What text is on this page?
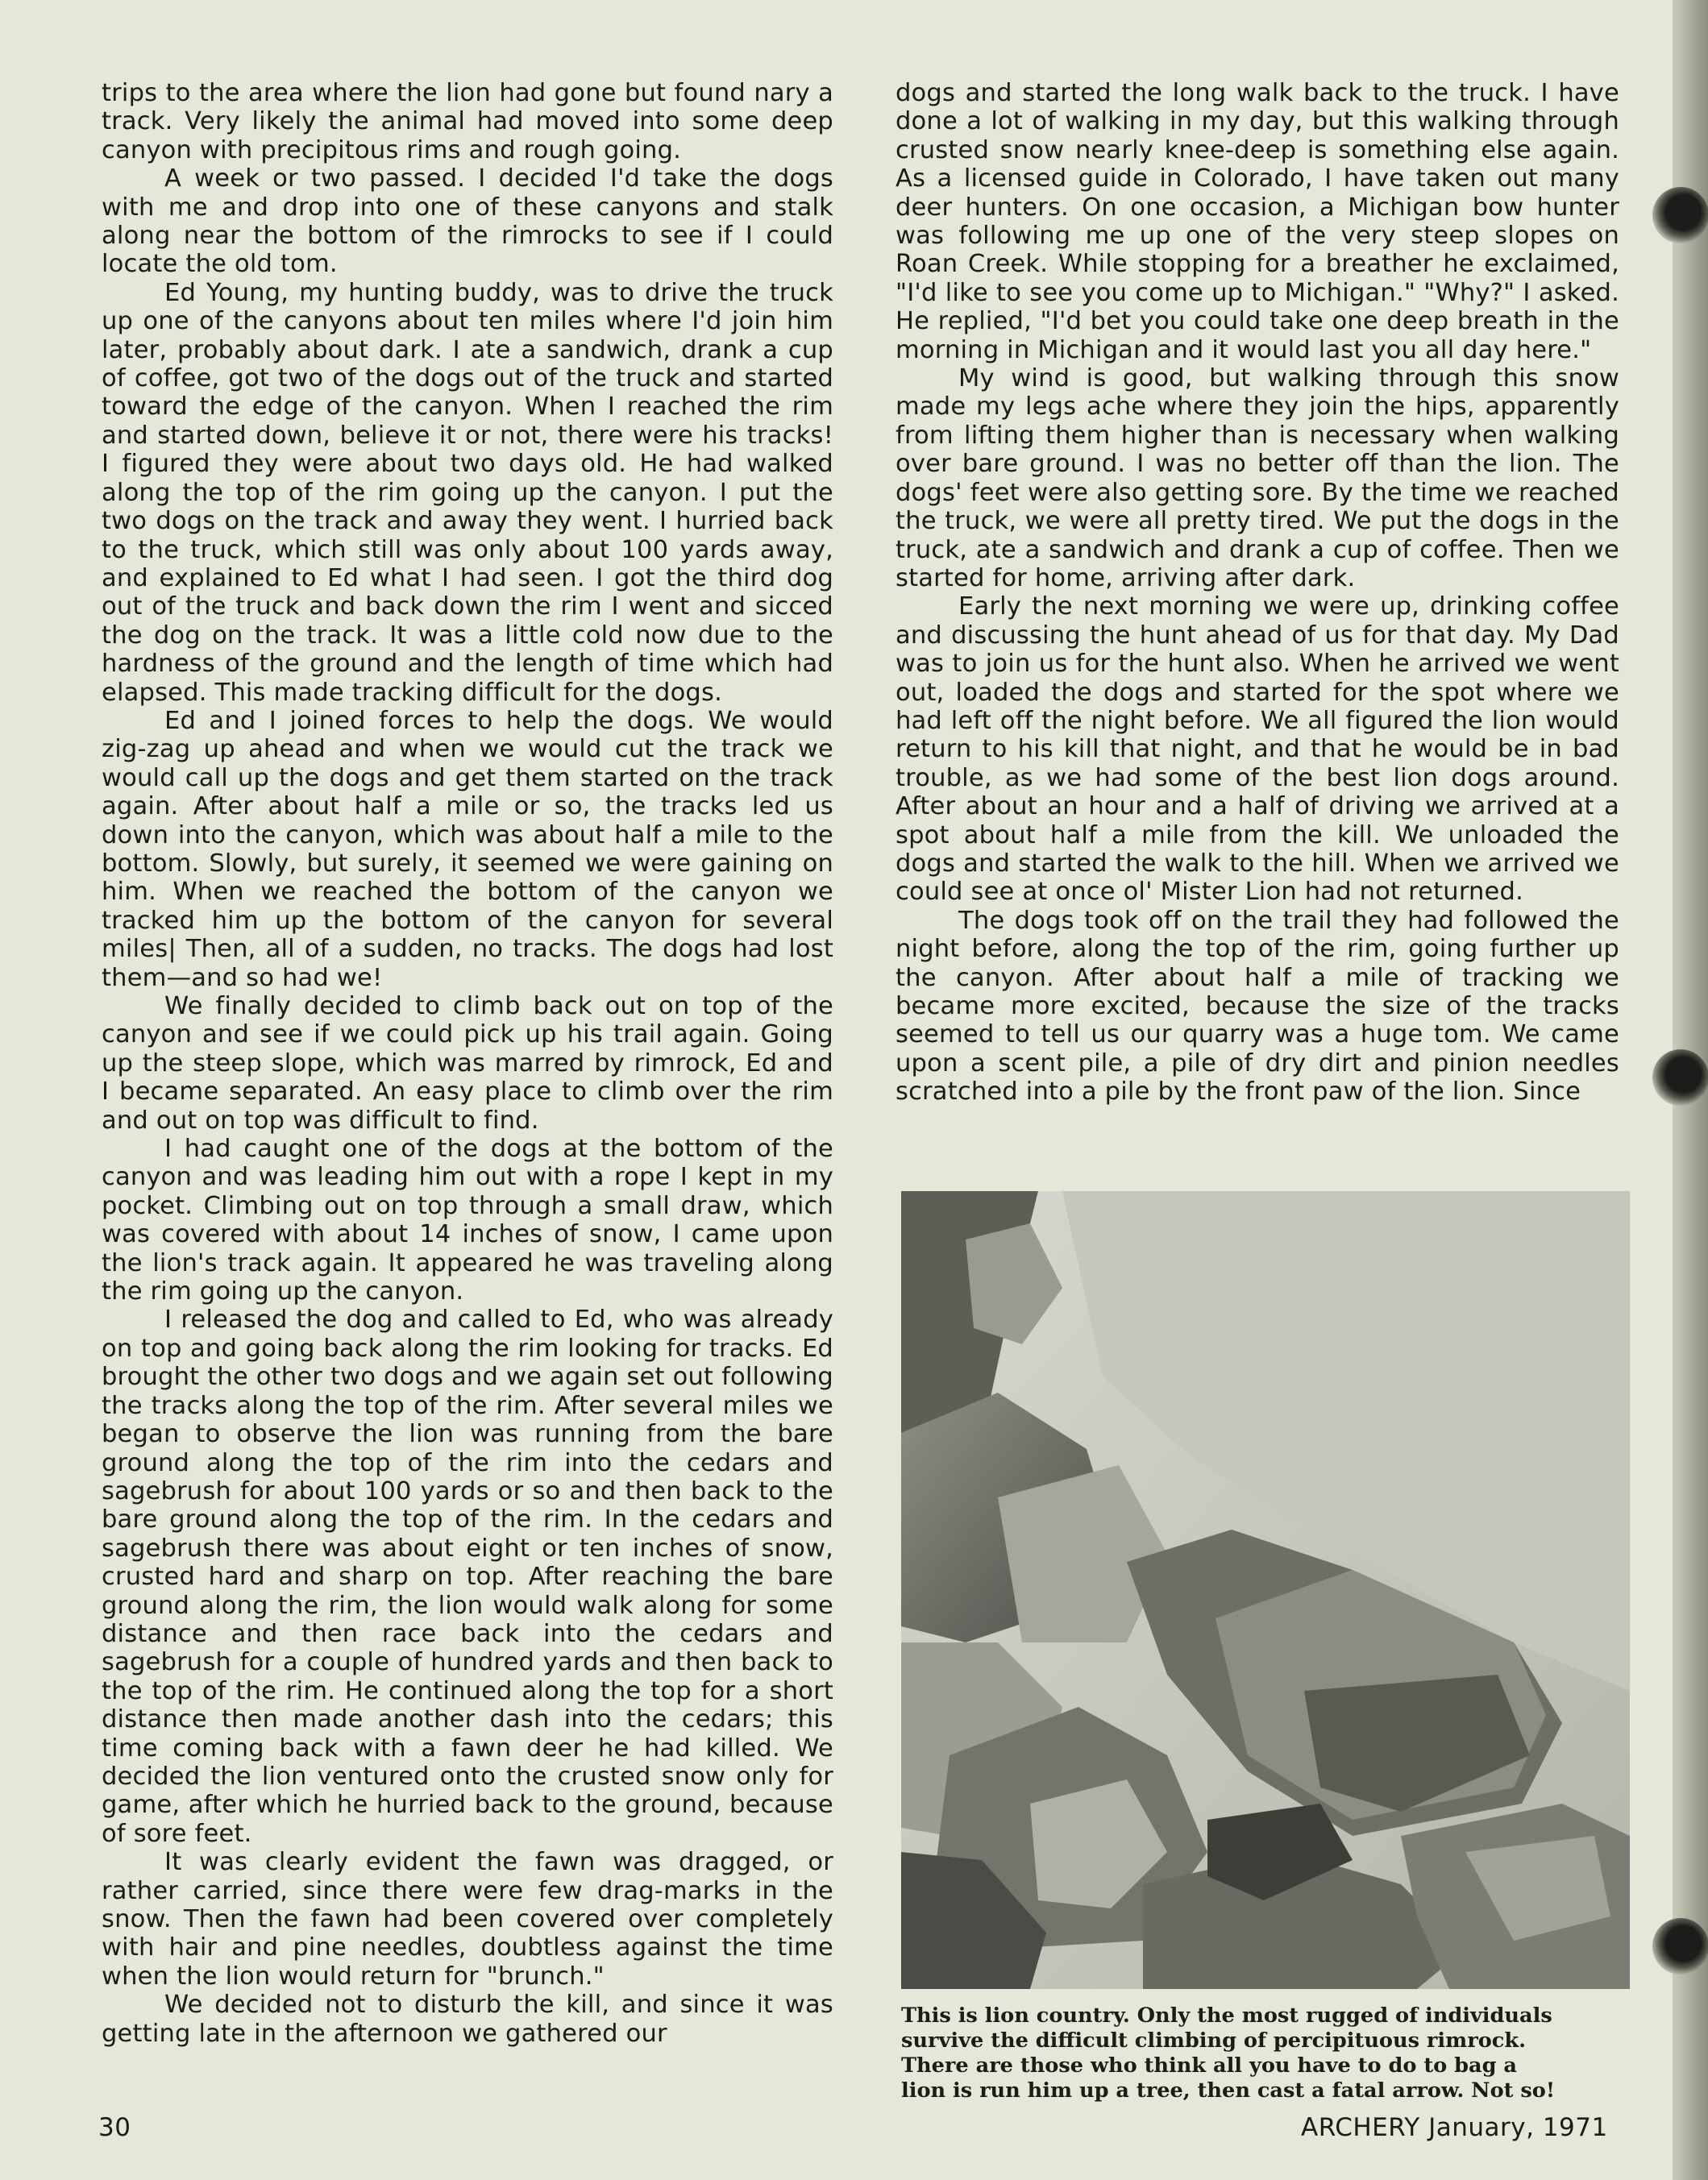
trips to the area where the lion had gone but found nary a track. Very likely the animal had moved into some deep canyon with precipitous rims and rough going.

A week or two passed. I decided I'd take the dogs with me and drop into one of these canyons and stalk along near the bottom of the rimrocks to see if I could locate the old tom.

Ed Young, my hunting buddy, was to drive the truck up one of the canyons about ten miles where I'd join him later, probably about dark. I ate a sandwich, drank a cup of coffee, got two of the dogs out of the truck and started toward the edge of the canyon. When I reached the rim and started down, believe it or not, there were his tracks! I figured they were about two days old. He had walked along the top of the rim going up the canyon. I put the two dogs on the track and away they went. I hurried back to the truck, which still was only about 100 yards away, and explained to Ed what I had seen. I got the third dog out of the truck and back down the rim I went and sicced the dog on the track. It was a little cold now due to the hardness of the ground and the length of time which had elapsed. This made tracking difficult for the dogs.

Ed and I joined forces to help the dogs. We would zig-zag up ahead and when we would cut the track we would call up the dogs and get them started on the track again. After about half a mile or so, the tracks led us down into the canyon, which was about half a mile to the bottom. Slowly, but surely, it seemed we were gaining on him. When we reached the bottom of the canyon we tracked him up the bottom of the canyon for several miles| Then, all of a sudden, no tracks. The dogs had lost them—and so had we!

We finally decided to climb back out on top of the canyon and see if we could pick up his trail again. Going up the steep slope, which was marred by rimrock, Ed and I became separated. An easy place to climb over the rim and out on top was difficult to find.

I had caught one of the dogs at the bottom of the canyon and was leading him out with a rope I kept in my pocket. Climbing out on top through a small draw, which was covered with about 14 inches of snow, I came upon the lion's track again. It appeared he was traveling along the rim going up the canyon.

I released the dog and called to Ed, who was already on top and going back along the rim looking for tracks. Ed brought the other two dogs and we again set out following the tracks along the top of the rim. After several miles we began to observe the lion was running from the bare ground along the top of the rim into the cedars and sagebrush for about 100 yards or so and then back to the bare ground along the top of the rim. In the cedars and sagebrush there was about eight or ten inches of snow, crusted hard and sharp on top. After reaching the bare ground along the rim, the lion would walk along for some distance and then race back into the cedars and sagebrush for a couple of hundred yards and then back to the top of the rim. He continued along the top for a short distance then made another dash into the cedars; this time coming back with a fawn deer he had killed. We decided the lion ventured onto the crusted snow only for game, after which he hurried back to the ground, because of sore feet.

It was clearly evident the fawn was dragged, or rather carried, since there were few drag-marks in the snow. Then the fawn had been covered over completely with hair and pine needles, doubtless against the time when the lion would return for "brunch."

We decided not to disturb the kill, and since it was getting late in the afternoon we gathered our

dogs and started the long walk back to the truck. I have done a lot of walking in my day, but this walking through crusted snow nearly knee-deep is something else again. As a licensed guide in Colorado, I have taken out many deer hunters. On one occasion, a Michigan bow hunter was following me up one of the very steep slopes on Roan Creek. While stopping for a breather he exclaimed, "I'd like to see you come up to Michigan." "Why?" I asked. He replied, "I'd bet you could take one deep breath in the morning in Michigan and it would last you all day here."

My wind is good, but walking through this snow made my legs ache where they join the hips, apparently from lifting them higher than is necessary when walking over bare ground. I was no better off than the lion. The dogs' feet were also getting sore. By the time we reached the truck, we were all pretty tired. We put the dogs in the truck, ate a sandwich and drank a cup of coffee. Then we started for home, arriving after dark.

Early the next morning we were up, drinking coffee and discussing the hunt ahead of us for that day. My Dad was to join us for the hunt also. When he arrived we went out, loaded the dogs and started for the spot where we had left off the night before. We all figured the lion would return to his kill that night, and that he would be in bad trouble, as we had some of the best lion dogs around. After about an hour and a half of driving we arrived at a spot about half a mile from the kill. We unloaded the dogs and started the walk to the hill. When we arrived we could see at once ol' Mister Lion had not returned.

The dogs took off on the trail they had followed the night before, along the top of the rim, going further up the canyon. After about half a mile of tracking we became more excited, because the size of the tracks seemed to tell us our quarry was a huge tom. We came upon a scent pile, a pile of dry dirt and pinion needles scratched into a pile by the front paw of the lion. Since

This is lion country. Only the most rugged of individuals
survive the difficult climbing of percipituous rimrock.
There are those who think all you have to do to bag a
lion is run him up a tree, then cast a fatal arrow. Not so!
30	ARCHERY January, 1971
